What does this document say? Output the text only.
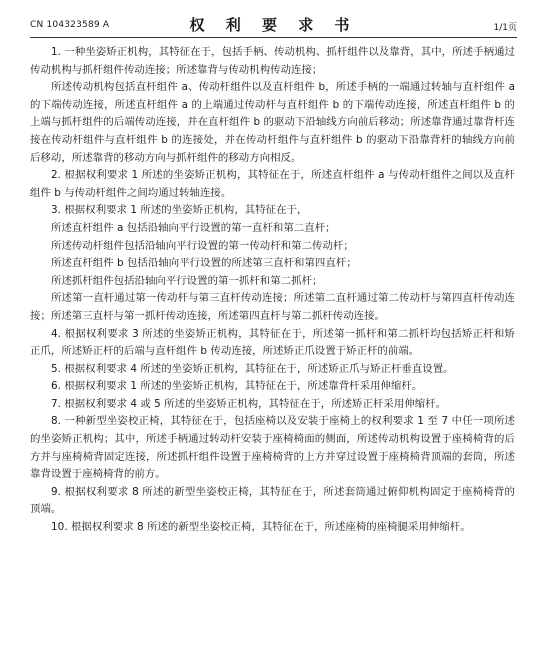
CN 104323589 A	权 利 要 求 书	1/1页

1. 一种坐姿矫正机构，其特征在于，包括手柄、传动机构、抓杆组件以及靠背，其中，所述手柄通过传动机构与抓杆组件传动连接；所述靠背与传动机构传动连接；

所述传动机构包括直杆组件 a、传动杆组件以及直杆组件 b，所述手柄的一端通过转轴与直杆组件 a 的下端传动连接，所述直杆组件 a 的上端通过传动杆与直杆组件 b 的下端传动连接，所述直杆组件 b 的上端与抓杆组件的后端传动连接，并在直杆组件 b 的驱动下沿轴线方向前后移动；所述靠背通过靠背杆连接在传动杆组件与直杆组件 b 的连接处，并在传动杆组件与直杆组件 b 的驱动下沿靠背杆的轴线方向前后移动，所述靠背的移动方向与抓杆组件的移动方向相反。

2. 根据权利要求 1 所述的坐姿矫正机构，其特征在于，所述直杆组件 a 与传动杆组件之间以及直杆组件 b 与传动杆组件之间均通过转轴连接。

3. 根据权利要求 1 所述的坐姿矫正机构，其特征在于，

所述直杆组件 a 包括沿轴向平行设置的第一直杆和第二直杆；

所述传动杆组件包括沿轴向平行设置的第一传动杆和第二传动杆；

所述直杆组件 b 包括沿轴向平行设置的所述第三直杆和第四直杆；

所述抓杆组件包括沿轴向平行设置的第一抓杆和第二抓杆；

所述第一直杆通过第一传动杆与第三直杆传动连接；所述第二直杆通过第二传动杆与第四直杆传动连接；所述第三直杆与第一抓杆传动连接，所述第四直杆与第二抓杆传动连接。

4. 根据权利要求 3 所述的坐姿矫正机构，其特征在于，所述第一抓杆和第二抓杆均包括矫正杆和矫正爪，所述矫正杆的后端与直杆组件 b 传动连接，所述矫正爪设置于矫正杆的前端。

5. 根据权利要求 4 所述的坐姿矫正机构，其特征在于，所述矫正爪与矫正杆垂直设置。

6. 根据权利要求 1 所述的坐姿矫正机构，其特征在于，所述靠背杆采用伸缩杆。

7. 根据权利要求 4 或 5 所述的坐姿矫正机构，其特征在于，所述矫正杆采用伸缩杆。

8. 一种新型坐姿校正椅，其特征在于，包括座椅以及安装于座椅上的权利要求 1 至 7 中任一项所述的坐姿矫正机构；其中，所述手柄通过转动杆安装于座椅椅面的侧面，所述传动机构设置于座椅椅背的后方并与座椅椅背固定连接，所述抓杆组件设置于座椅椅背的上方并穿过设置于座椅椅背顶端的套筒，所述靠背设置于座椅椅背的前方。

9. 根据权利要求 8 所述的新型坐姿校正椅，其特征在于，所述套筒通过俯仰机构固定于座椅椅背的顶端。

10. 根据权利要求 8 所述的新型坐姿校正椅，其特征在于，所述座椅的座椅腿采用伸缩杆。
